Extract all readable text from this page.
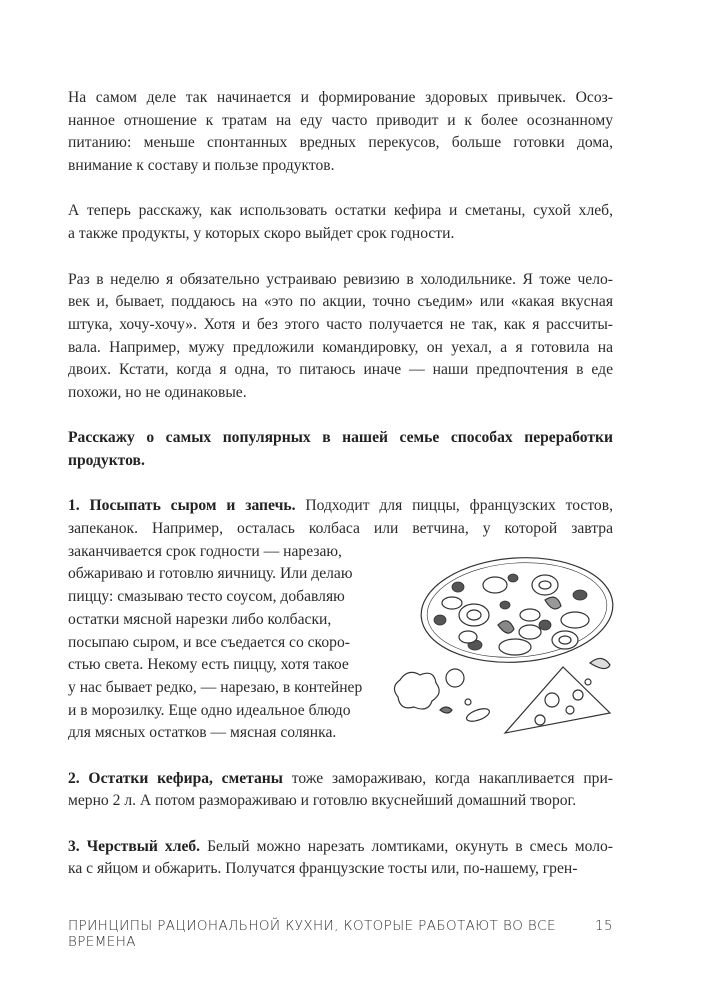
На самом деле так начинается и формирование здоровых привычек. Осоз-
нанное отношение к тратам на еду часто приводит и к более осознанному
питанию: меньше спонтанных вредных перекусов, больше готовки дома,
внимание к составу и пользе продуктов.
А теперь расскажу, как использовать остатки кефира и сметаны, сухой хлеб,
а также продукты, у которых скоро выйдет срок годности.
Раз в неделю я обязательно устраиваю ревизию в холодильнике. Я тоже чело-
век и, бывает, поддаюсь на «это по акции, точно съедим» или «какая вкусная
штука, хочу-хочу». Хотя и без этого часто получается не так, как я рассчиты-
вала. Например, мужу предложили командировку, он уехал, а я готовила на
двоих. Кстати, когда я одна, то питаюсь иначе — наши предпочтения в еде
похожи, но не одинаковые.
Расскажу о самых популярных в нашей семье способах переработки
продуктов.
1. Посыпать сыром и запечь. Подходит для пиццы, французских тостов,
запеканок. Например, осталась колбаса или ветчина, у которой завтра
заканчивается срок годности — нарезаю,
обжариваю и готовлю яичницу. Или делаю
пиццу: смазываю тесто соусом, добавляю
остатки мясной нарезки либо колбаски,
посыпаю сыром, и все съедается со скоро-
стью света. Некому есть пиццу, хотя такое
у нас бывает редко, — нарезаю, в контейнер
и в морозилку. Еще одно идеальное блюдо
для мясных остатков — мясная солянка.
2. Остатки кефира, сметаны тоже замораживаю, когда накапливается при-
мерно 2 л. А потом размораживаю и готовлю вкуснейший домашний творог.
3. Черствый хлеб. Белый можно нарезать ломтиками, окунуть в смесь моло-
ка с яйцом и обжарить. Получатся французские тосты или, по-нашему, грен-
ПРИНЦИПЫ РАЦИОНАЛЬНОЙ КУХНИ, КОТОРЫЕ РАБОТАЮТ ВО ВСЕ ВРЕМЕНА
15
